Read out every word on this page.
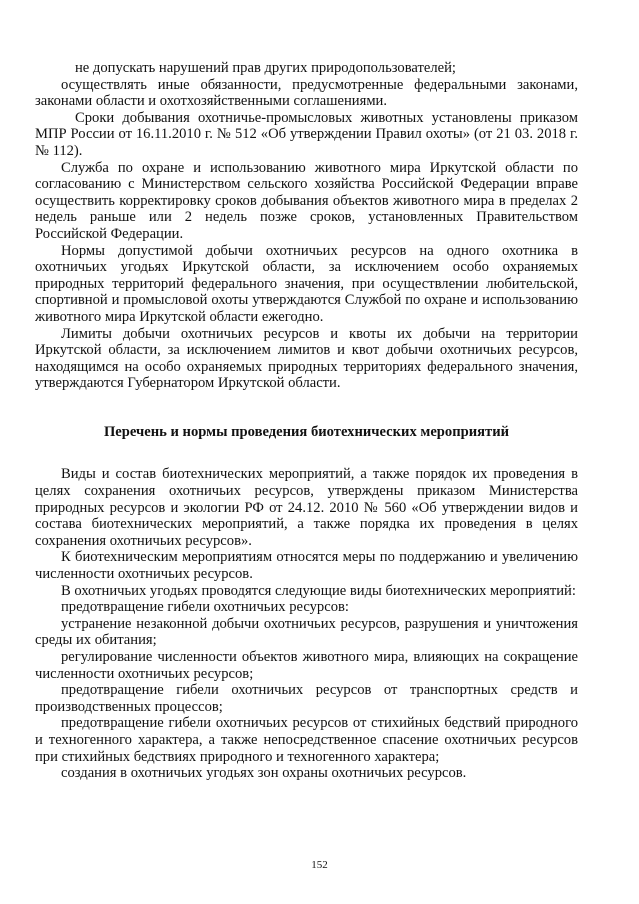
не допускать нарушений прав других природопользователей;

осуществлять иные обязанности, предусмотренные федеральными законами, законами области и охотхозяйственными соглашениями.

Сроки добывания охотничье-промысловых животных установлены приказом МПР России от 16.11.2010 г. № 512 «Об утверждении Правил охоты» (от 21 03. 2018 г. № 112).

Служба по охране и использованию животного мира Иркутской области по согласованию с Министерством сельского хозяйства Российской Федерации вправе осуществить корректировку сроков добывания объектов животного мира в пределах 2 недель раньше или 2 недель позже сроков, установленных Правительством Российской Федерации.

Нормы допустимой добычи охотничьих ресурсов на одного охотника в охотничьих угодьях Иркутской области, за исключением особо охраняемых природных территорий федерального значения, при осуществлении любительской, спортивной и промысловой охоты утверждаются Службой по охране и использованию животного мира Иркутской области ежегодно.

Лимиты добычи охотничьих ресурсов и квоты их добычи на территории Иркутской области, за исключением лимитов и квот добычи охотничьих ресурсов, находящимся на особо охраняемых природных территориях федерального значения, утверждаются Губернатором Иркутской области.

Перечень и нормы проведения биотехнических мероприятий

Виды и состав биотехнических мероприятий, а также порядок их проведения в целях сохранения охотничьих ресурсов, утверждены приказом Министерства природных ресурсов и экологии РФ от 24.12. 2010 № 560 «Об утверждении видов и состава биотехнических мероприятий, а также порядка их проведения в целях сохранения охотничьих ресурсов».

К биотехническим мероприятиям относятся меры по поддержанию и увеличению численности охотничьих ресурсов.

В охотничьих угодьях проводятся следующие виды биотехнических мероприятий:

предотвращение гибели охотничьих ресурсов:

устранение незаконной добычи охотничьих ресурсов, разрушения и уничтожения среды их обитания;

регулирование численности объектов животного мира, влияющих на сокращение численности охотничьих ресурсов;

предотвращение гибели охотничьих ресурсов от транспортных средств и производственных процессов;

предотвращение гибели охотничьих ресурсов от стихийных бедствий природного и техногенного характера, а также непосредственное спасение охотничьих ресурсов при стихийных бедствиях природного и техногенного характера;

создания в охотничьих угодьях зон охраны охотничьих ресурсов.

152
